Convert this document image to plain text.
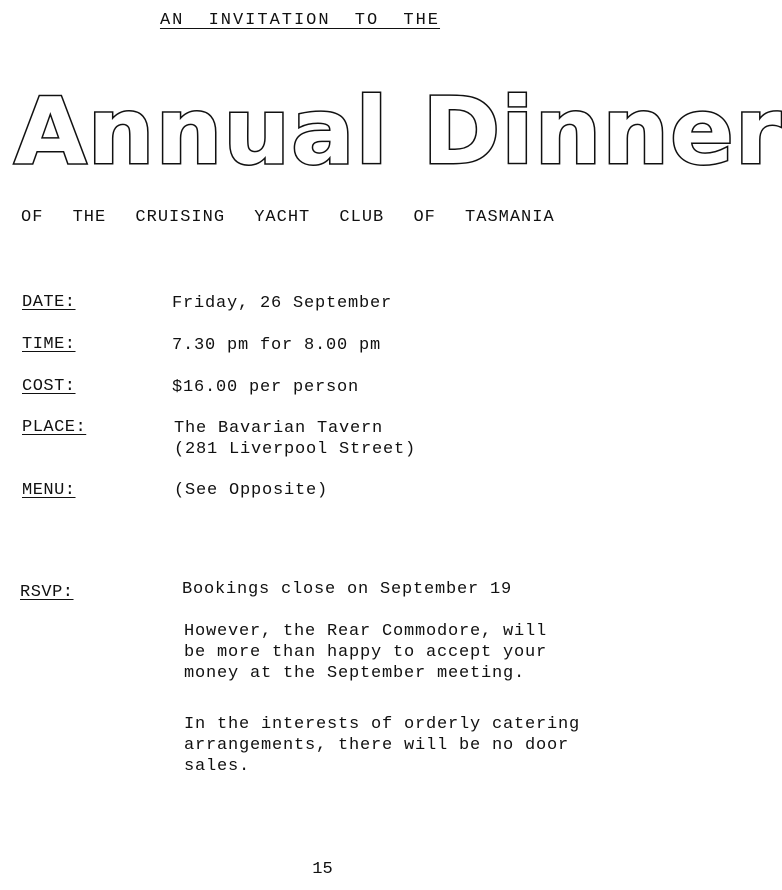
AN INVITATION TO THE
Annual Dinner
OF THE CRUISING YACHT CLUB OF TASMANIA
DATE:	Friday, 26 September
TIME:	7.30 pm for 8.00 pm
COST:	$16.00 per person
PLACE:	The Bavarian Tavern
(281 Liverpool Street)
MENU:	(See Opposite)
RSVP:	Bookings close on September 19
However, the Rear Commodore, will
be more than happy to accept your
money at the September meeting.
In the interests of orderly catering
arrangements, there will be no door
sales.
15
